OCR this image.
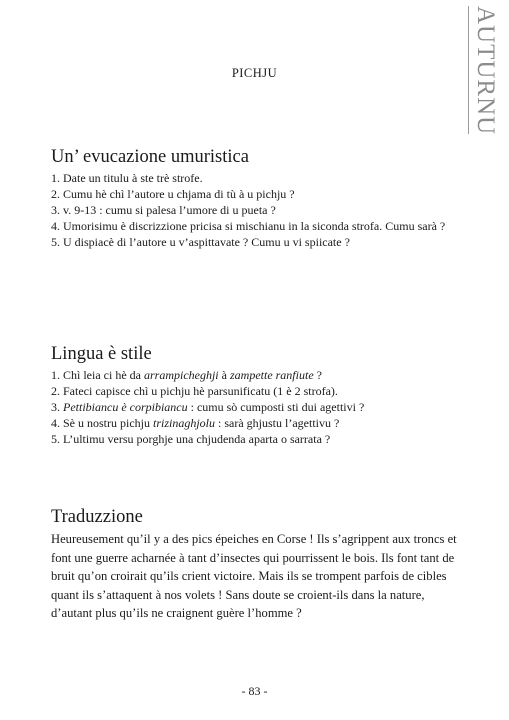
AUTURNU
PICHJU
Un’ evucazione umuristica
1. Date un titulu à ste trè strofe.
2. Cumu hè chì l’autore u chjama di tù à u pichju ?
3. v. 9-13 : cumu si palesa l’umore di u pueta ?
4. Umorisimu è discrizzione pricisa si mischianu in la siconda strofa. Cumu sarà ?
5. U dispiacè di l’autore u v’aspittavate ? Cumu u vi spiicate ?
Lingua è stile
1. Chì leia ci hè da arrampicheghji à zampette ranfiute ?
2. Fateci capisce chì u pichju hè parsunificatu (1 è 2 strofa).
3. Pettibiancu è corpibiancu : cumu sò cumposti sti dui agettivi ?
4. Sè u nostru pichju trizinaghjolu : sarà ghjustu l’agettivu ?
5. L’ultimu versu porghje una chjudenda aparta o sarrata ?
Traduzzione

Heureusement qu’il y a des pics épeiches en Corse ! Ils s’agrippent aux troncs et font une guerre acharnée à tant d’insectes qui pourrissent le bois. Ils font tant de bruit qu’on croirait qu’ils crient victoire. Mais ils se trompent parfois de cibles quant ils s’attaquent à nos volets ! Sans doute se croient-ils dans la nature, d’autant plus qu’ils ne craignent guère l’homme ?

- 83 -
